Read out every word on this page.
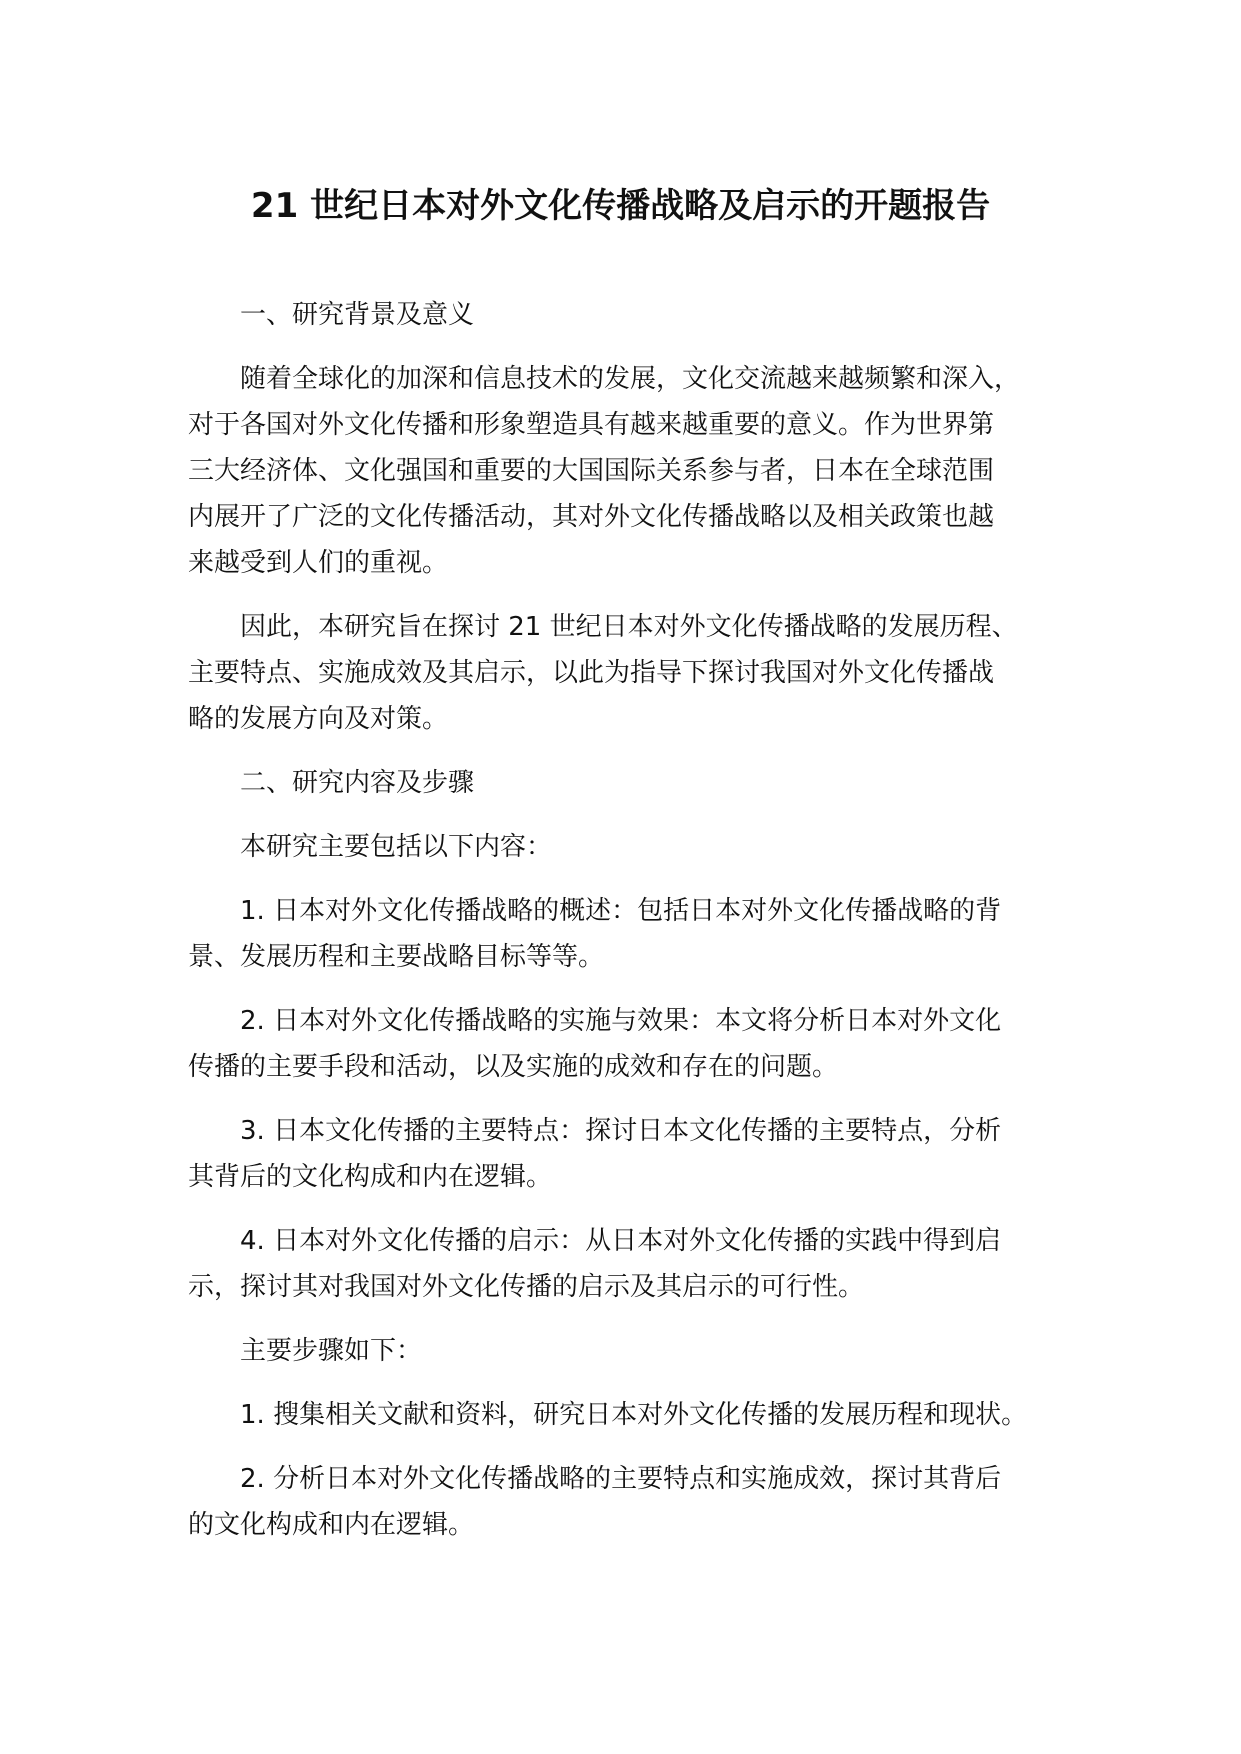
21 世纪日本对外文化传播战略及启示的开题报告
　　一、研究背景及意义
　　随着全球化的加深和信息技术的发展，文化交流越来越频繁和深入，
对于各国对外文化传播和形象塑造具有越来越重要的意义。作为世界第
三大经济体、文化强国和重要的大国国际关系参与者，日本在全球范围
内展开了广泛的文化传播活动，其对外文化传播战略以及相关政策也越
来越受到人们的重视。
　　因此，本研究旨在探讨 21 世纪日本对外文化传播战略的发展历程、
主要特点、实施成效及其启示，以此为指导下探讨我国对外文化传播战
略的发展方向及对策。
　　二、研究内容及步骤
　　本研究主要包括以下内容：
　　1. 日本对外文化传播战略的概述：包括日本对外文化传播战略的背
景、发展历程和主要战略目标等等。
　　2. 日本对外文化传播战略的实施与效果：本文将分析日本对外文化
传播的主要手段和活动，以及实施的成效和存在的问题。
　　3. 日本文化传播的主要特点：探讨日本文化传播的主要特点，分析
其背后的文化构成和内在逻辑。
　　4. 日本对外文化传播的启示：从日本对外文化传播的实践中得到启
示，探讨其对我国对外文化传播的启示及其启示的可行性。
　　主要步骤如下：
　　1. 搜集相关文献和资料，研究日本对外文化传播的发展历程和现状。
　　2. 分析日本对外文化传播战略的主要特点和实施成效，探讨其背后
的文化构成和内在逻辑。
